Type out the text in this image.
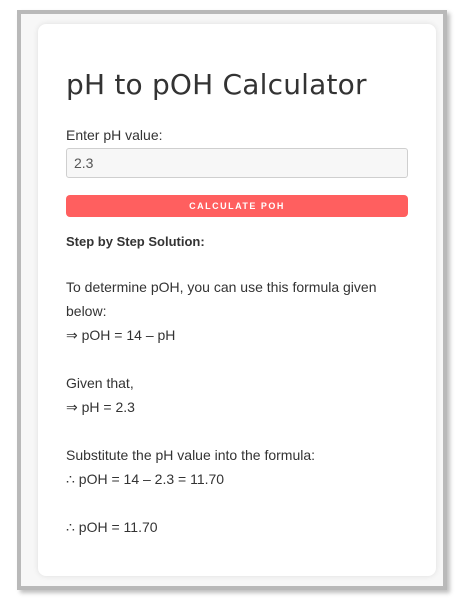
pH to pOH Calculator
Enter pH value:
2.3
CALCULATE POH
Step by Step Solution:
To determine pOH, you can use this formula given
below:
⇒ pOH = 14 – pH
Given that,
⇒ pH = 2.3
Substitute the pH value into the formula:
∴ pOH = 14 – 2.3 = 11.70
∴ pOH = 11.70
